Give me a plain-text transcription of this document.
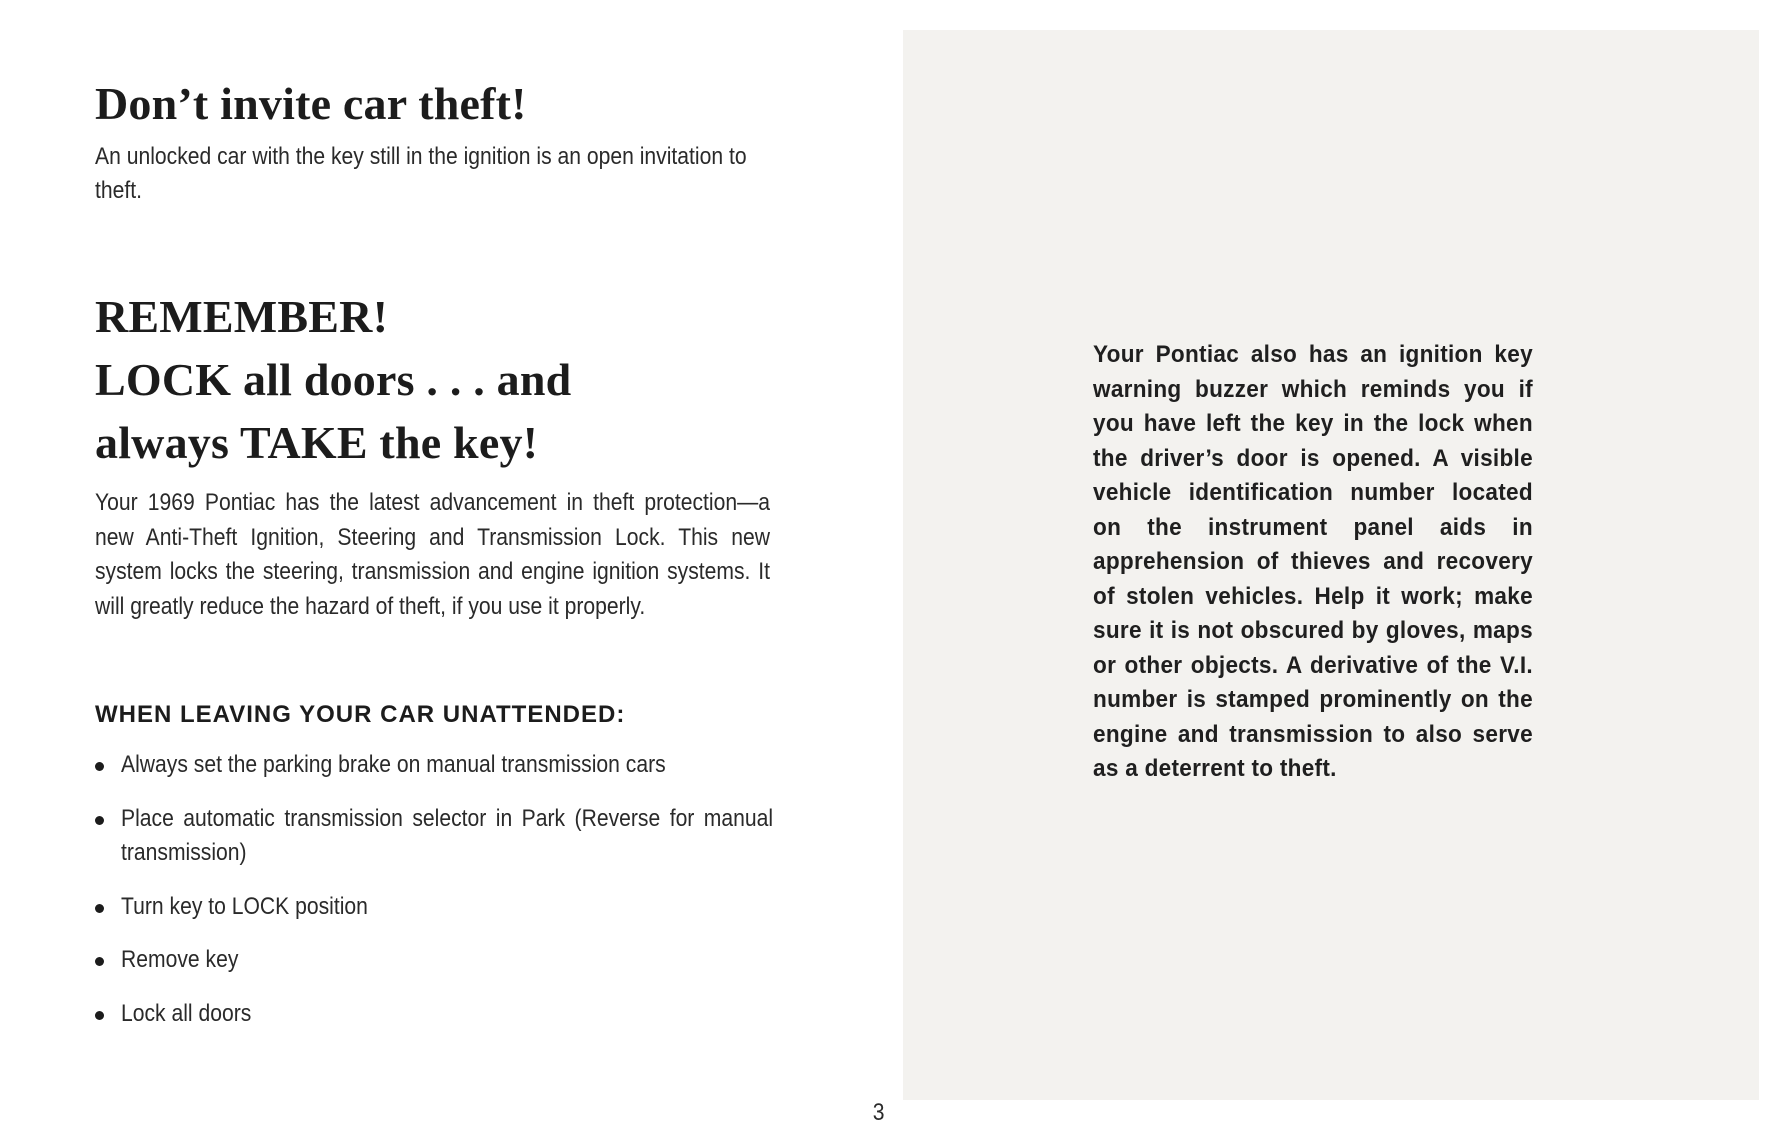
Don’t invite car theft!

An unlocked car with the key still in the ignition is an open invitation to theft.

REMEMBER!
LOCK all doors . . . and
always TAKE the key!

Your 1969 Pontiac has the latest advancement in theft protection—a new Anti-Theft Ignition, Steering and Transmission Lock. This new system locks the steering, transmission and engine ignition systems. It will greatly reduce the hazard of theft, if you use it properly.

WHEN LEAVING YOUR CAR UNATTENDED:
Always set the parking brake on manual transmission cars
Place automatic transmission selector in Park (Reverse for manual transmission)
Turn key to LOCK position
Remove key
Lock all doors

Your Pontiac also has an ignition key warning buzzer which reminds you if you have left the key in the lock when the driver’s door is opened. A visible vehicle identification number located on the instrument panel aids in apprehension of thieves and recovery of stolen vehicles. Help it work; make sure it is not obscured by gloves, maps or other objects. A derivative of the V.I. number is stamped prominently on the engine and transmission to also serve as a deterrent to theft.

3
